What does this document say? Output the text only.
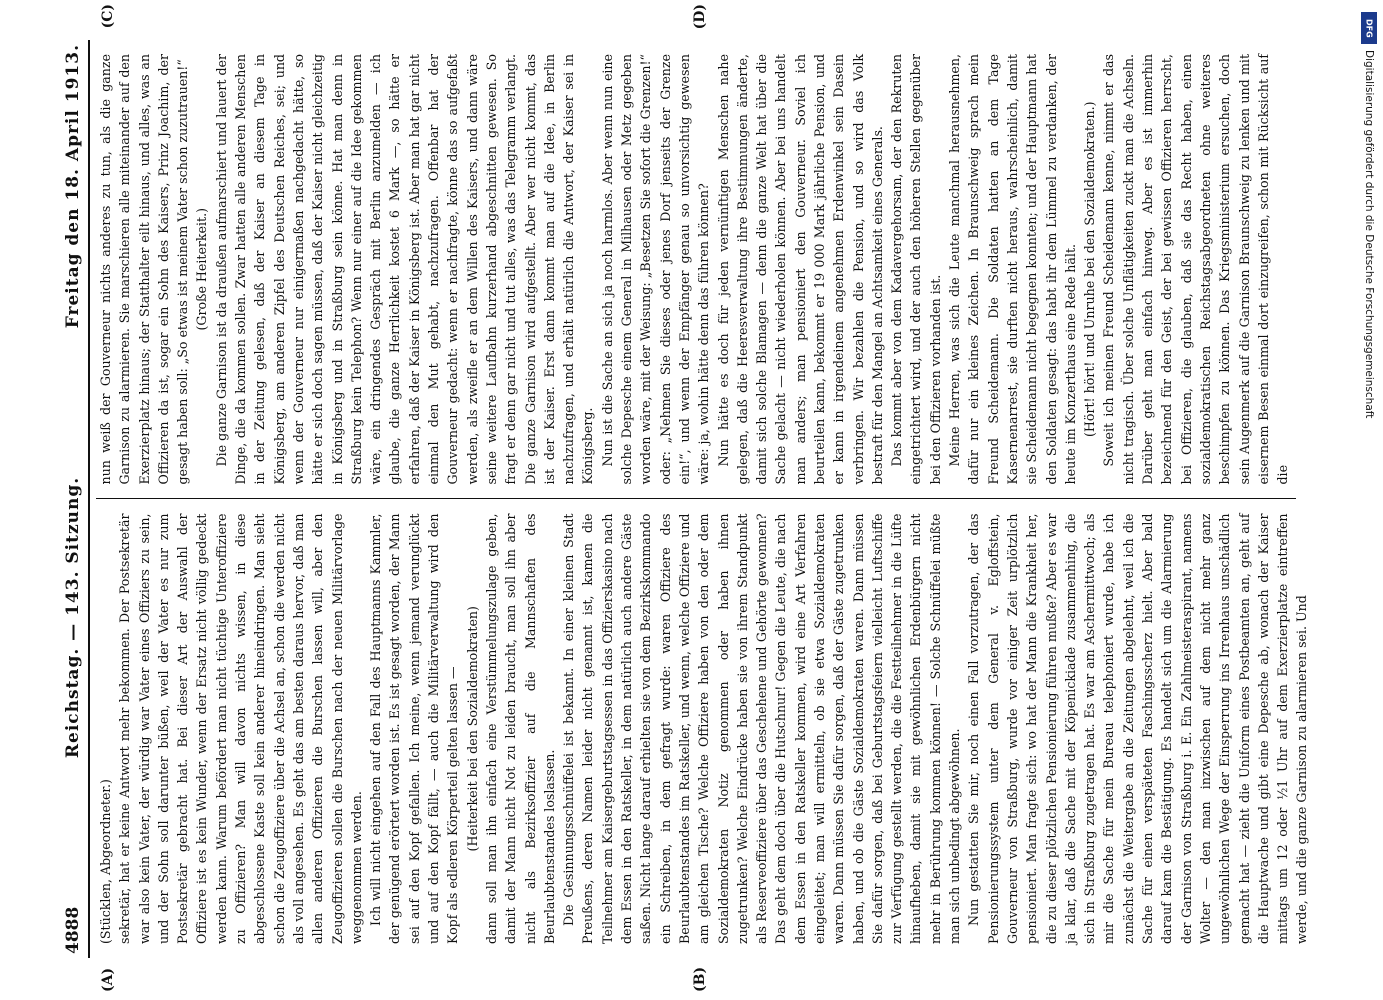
4888
Reichstag. — 143. Sitzung.
Freitag den 18. April 1913.
(A)	(B)
(C)	(D)

(Stücklen, Abgeordneter.) sekretär, hat er keine Antwort mehr bekommen. Der Postsekretär war also kein Vater, der würdig war Vater eines Offiziers zu sein, und der Sohn soll darunter büßen, weil der Vater es nur zum Postsekretär gebracht hat. Bei dieser Art der Auswahl der Offiziere ist es kein Wunder, wenn der Ersatz nicht völlig gedeckt werden kann. Warum befördert man nicht tüchtige Unteroffiziere zu Offizieren? Man will davon nichts wissen, in diese abgeschlossene Kaste soll kein anderer hineindringen. Man sieht schon die Zeugoffiziere über die Achsel an, schon die werden nicht als voll angesehen. Es geht das am besten daraus hervor, daß man allen anderen Offizieren die Burschen lassen will, aber den Zeugoffizieren sollen die Burschen nach der neuen Militärvorlage weggenommen werden. Ich will nicht eingehen auf den Fall des Hauptmanns Kammler, der genügend erörtert worden ist. Es ist gesagt worden, der Mann sei auf den Kopf gefallen. Ich meine, wenn jemand verunglückt und auf den Kopf fällt, — auch die Militärverwaltung wird den Kopf als edleren Körperteil gelten lassen — (Heiterkeit bei den Sozialdemokraten) dann soll man ihn einfach eine Verstümmelungszulage geben, damit der Mann nicht Not zu leiden braucht, man soll ihn aber nicht als Bezirksoffizier auf die Mannschaften des Beurlaubtenstandes loslassen. Die Gesinnungsschnüffelei ist bekannt. In einer kleinen Stadt Preußens, deren Namen leider nicht genannt ist, kamen die Teilnehmer am Kaisergeburtstagsessen in das Offizierskasino nach dem Essen in den Ratskeller, in dem natürlich auch andere Gäste saßen. Nicht lange darauf erhielten sie von dem Bezirkskommando ein Schreiben, in dem gefragt wurde: waren Offiziere des Beurlaubtenstandes im Ratskeller, und wenn, welche Offiziere und am gleichen Tische? Welche Offiziere haben von den oder dem Sozialdemokraten Notiz genommen oder haben ihnen zugetrunken? Welche Eindrücke haben sie von ihrem Standpunkt als Reserveoffiziere über das Geschehene und Gehörte gewonnen? Das geht dem doch über die Hutschnur! Gegen die Leute, die nach dem Essen in den Ratskeller kommen, wird eine Art Verfahren eingeleitet; man will ermitteln, ob sie etwa Sozialdemokraten waren. Dann müssen Sie dafür sorgen, daß der Gäste zugetrunken haben, und ob die Gäste Sozialdemokraten waren. Dann müssen Sie dafür sorgen, daß bei Geburtstagsfeiern vielleicht Luftschiffe zur Verfügung gestellt werden, die die Festteilnehmer in die Lüfte hinaufheben, damit sie mit gewöhnlichen Erdenbürgern nicht mehr in Berührung kommen können! — Solche Schnüffelei müßte man sich unbedingt abgewöhnen. Nun gestatten Sie mir, noch einen Fall vorzutragen, der das Pensionierungssystem unter dem General v. Egloffstein, Gouverneur von Straßburg, wurde vor einiger Zeit urplötzlich pensioniert. Man fragte sich: wo hat der Mann die Krankheit her, die zu dieser plötzlichen Pensionierung führen mußte? Aber es war ja klar, daß die Sache mit der Köpenickiade zusammenhing, die sich in Straßburg zugetragen hat. Es war am Aschermittwoch; als mir die Sache für mein Bureau telephoniert wurde, habe ich zunächst die Weitergabe an die Zeitungen abgelehnt, weil ich die Sache für einen verspäteten Faschingsscherz hielt. Aber bald darauf kam die Bestätigung. Es handelt sich um die Alarmierung der Garnison von Straßburg i. E. Ein Zahlmeisteraspirant, namens Wolter — den man inzwischen auf dem nicht mehr ganz ungewöhnlichen Wege der Einsperrung ins Irrenhaus unschädlich gemacht hat — zieht die Uniform eines Postbeamten an, geht auf die Hauptwache und gibt eine Depesche ab, wonach der Kaiser mittags um 12 oder ½1 Uhr auf dem Exerzierplatze eintreffen werde, und die ganze Garnison zu alarmieren sei. Und

nun weiß der Gouverneur nichts anderes zu tun, als die ganze Garnison zu alarmieren. Sie marschieren alle miteinander auf den Exerzierplatz hinaus; der Statthalter eilt hinaus, und alles, was an Offizieren da ist, sogar ein Sohn des Kaisers, Prinz Joachim, der gesagt haben soll: „So etwas ist meinem Vater schon zuzutrauen!“ (Große Heiterkeit.) Die ganze Garnison ist da draußen aufmarschiert und lauert der Dinge, die da kommen sollen. Zwar hatten alle anderen Menschen in der Zeitung gelesen, daß der Kaiser an diesem Tage in Königsberg, am anderen Zipfel des Deutschen Reiches, sei; und wenn der Gouverneur nur einigermaßen nachgedacht hätte, so hätte er sich doch sagen müssen, daß der Kaiser nicht gleichzeitig in Königsberg und in Straßburg sein könne. Hat man denn in Straßburg kein Telephon? Wenn nur einer auf die Idee gekommen wäre, ein dringendes Gespräch mit Berlin anzumelden — ich glaube, die ganze Herrlichkeit kostet 6 Mark —, so hätte er erfahren, daß der Kaiser in Königsberg ist. Aber man hat gar nicht einmal den Mut gehabt, nachzufragen. Offenbar hat der Gouverneur gedacht: wenn er nachfragte, könne das so aufgefaßt werden, als zweifle er an dem Willen des Kaisers, und dann wäre seine weitere Laufbahn kurzerhand abgeschnitten gewesen. So fragt er denn gar nicht und tut alles, was das Telegramm verlangt. Die ganze Garnison wird aufgestellt. Aber wer nicht kommt, das ist der Kaiser. Erst dann kommt man auf die Idee, in Berlin nachzufragen, und erhält natürlich die Antwort, der Kaiser sei in Königsberg. Nun ist die Sache an sich ja noch harmlos. Aber wenn nun eine solche Depesche einem General in Milhausen oder Metz gegeben worden wäre, mit der Weisung: „Besetzen Sie sofort die Grenzen!“ oder: „Nehmen Sie dieses oder jenes Dorf jenseits der Grenze ein!“, und wenn der Empfänger genau so unvorsichtig gewesen wäre: ja, wohin hätte denn das führen können? Nun hätte es doch für jeden vernünftigen Menschen nahe gelegen, daß die Heeresverwaltung ihre Bestimmungen änderte, damit sich solche Blamagen — denn die ganze Welt hat über die Sache gelacht — nicht wiederholen können. Aber bei uns handelt man anders; man pensioniert den Gouverneur. Soviel ich beurteilen kann, bekommt er 19 000 Mark jährliche Pension, und er kann in irgendeinem angenehmen Erdenwinkel sein Dasein verbringen. Wir bezahlen die Pension, und so wird das Volk bestraft für den Mangel an Achtsamkeit eines Generals. Das kommt aber von dem Kadavergehorsam, der den Rekruten eingetrichtert wird, und der auch den höheren Stellen gegenüber bei den Offizieren vorhanden ist. Meine Herren, was sich die Leute manchmal herausnehmen, dafür nur ein kleines Zeichen. In Braunschweig sprach mein Freund Scheidemann. Die Soldaten hatten an dem Tage Kasernenarrest, sie durften nicht heraus, wahrscheinlich, damit sie Scheidemann nicht begegnen konnten; und der Hauptmann hat den Soldaten gesagt: das habt ihr dem Lümmel zu verdanken, der heute im Konzerthaus eine Rede hält. (Hört! hört! und Unruhe bei den Sozialdemokraten.) Soweit ich meinen Freund Scheidemann kenne, nimmt er das nicht tragisch. Über solche Unflätigkeiten zuckt man die Achseln. Darüber geht man einfach hinweg. Aber es ist immerhin bezeichnend für den Geist, der bei gewissen Offizieren herrscht, bei Offizieren, die glauben, daß sie das Recht haben, einen sozialdemokratischen Reichstagsabgeordneten ohne weiteres beschimpfen zu können. Das Kriegsministerium ersuchen, doch sein Augenmerk auf die Garnison Braunschweig zu lenken und mit eisernem Besen einmal dort einzugreifen, schon mit Rücksicht auf die

DFG
Digitalisierung gefördert durch die Deutsche Forschungsgemeinschaft
